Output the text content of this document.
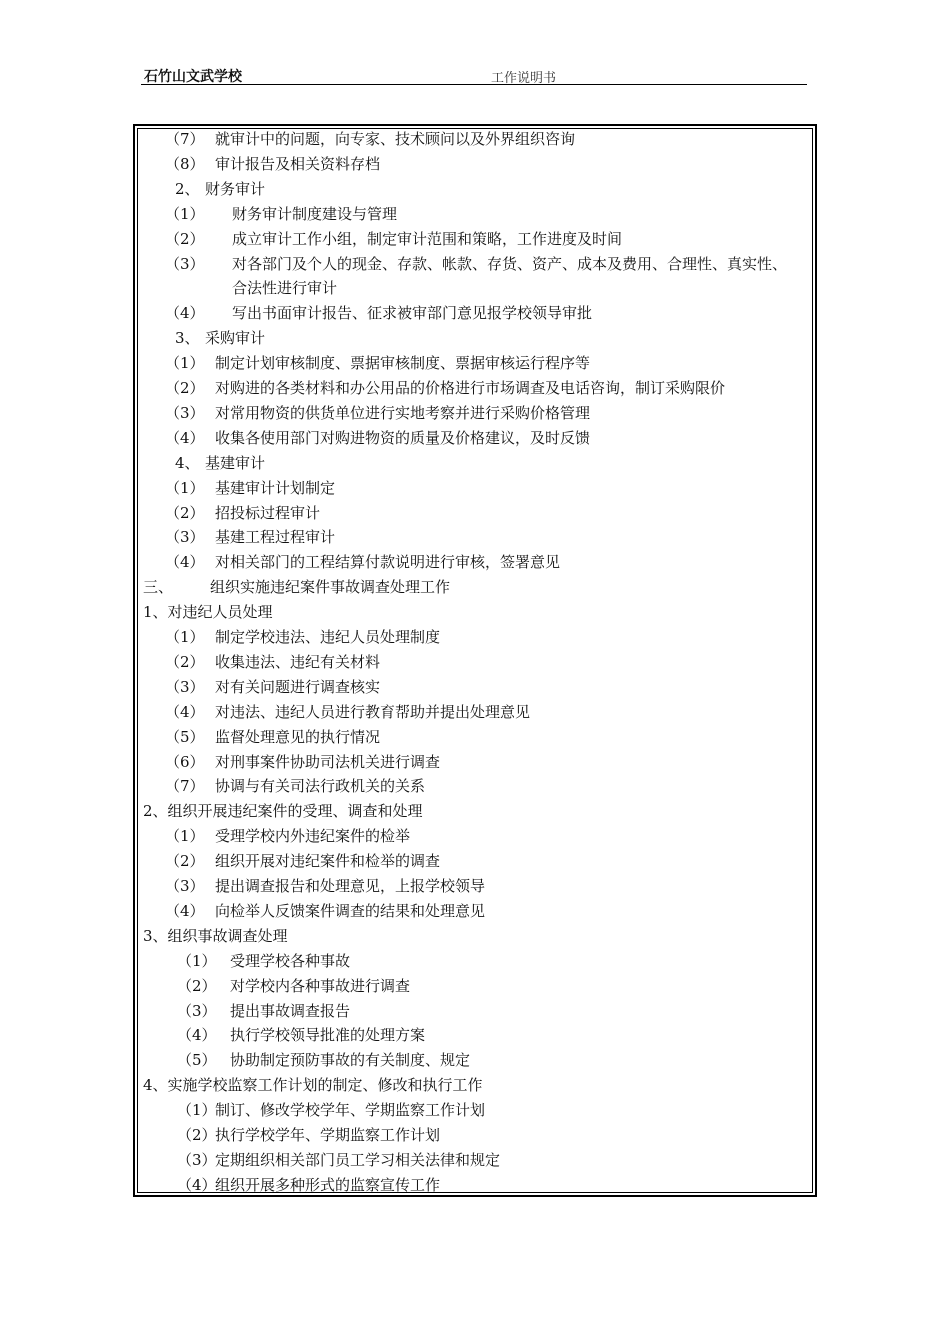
石竹山文武学校	工作说明书
（7） 就审计中的问题，向专家、技术顾问以及外界组织咨询
（8） 审计报告及相关资料存档
2、 财务审计
（1） 财务审计制度建设与管理
（2） 成立审计工作小组，制定审计范围和策略，工作进度及时间
（3） 对各部门及个人的现金、存款、帐款、存货、资产、成本及费用、合理性、真实性、
合法性进行审计
（4） 写出书面审计报告、征求被审部门意见报学校领导审批
3、 采购审计
（1） 制定计划审核制度、票据审核制度、票据审核运行程序等
（2） 对购进的各类材料和办公用品的价格进行市场调查及电话咨询，制订采购限价
（3） 对常用物资的供货单位进行实地考察并进行采购价格管理
（4） 收集各使用部门对购进物资的质量及价格建议，及时反馈
4、 基建审计
（1） 基建审计计划制定
（2） 招投标过程审计
（3） 基建工程过程审计
（4） 对相关部门的工程结算付款说明进行审核，签署意见
三、 组织实施违纪案件事故调查处理工作
1、对违纪人员处理
（1） 制定学校违法、违纪人员处理制度
（2） 收集违法、违纪有关材料
（3） 对有关问题进行调查核实
（4） 对违法、违纪人员进行教育帮助并提出处理意见
（5） 监督处理意见的执行情况
（6） 对刑事案件协助司法机关进行调查
（7） 协调与有关司法行政机关的关系
2、组织开展违纪案件的受理、调查和处理
（1） 受理学校内外违纪案件的检举
（2） 组织开展对违纪案件和检举的调查
（3） 提出调查报告和处理意见，上报学校领导
（4） 向检举人反馈案件调查的结果和处理意见
3、组织事故调查处理
（1） 受理学校各种事故
（2） 对学校内各种事故进行调查
（3） 提出事故调查报告
（4） 执行学校领导批准的处理方案
（5） 协助制定预防事故的有关制度、规定
4、实施学校监察工作计划的制定、修改和执行工作
（1）
制订、修改学校学年、学期监察工作计划
（2）
执行学校学年、学期监察工作计划
（3）
定期组织相关部门员工学习相关法律和规定
（4）
组织开展多种形式的监察宣传工作
